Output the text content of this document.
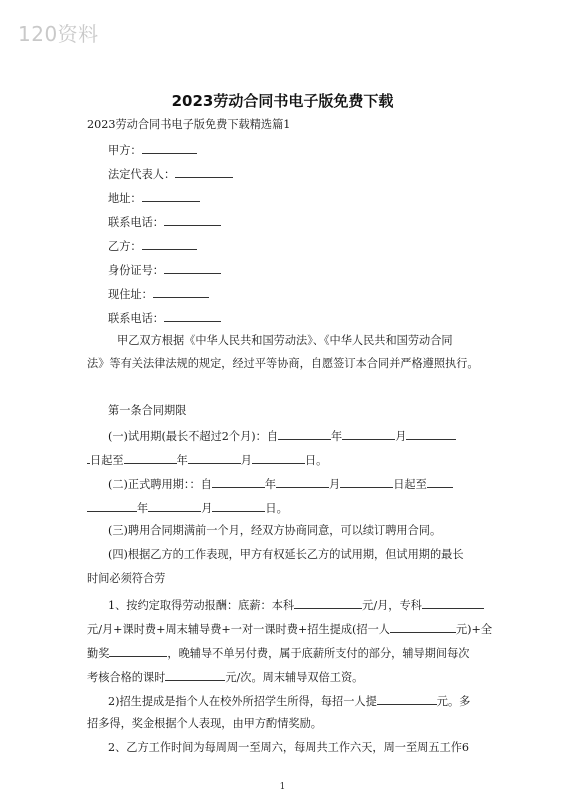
120资料
2023劳动合同书电子版免费下载
2023劳动合同书电子版免费下载精选篇1
甲方：
法定代表人：
地址：
联系电话：
乙方：
身份证号：
现住址：
联系电话：
甲乙双方根据《中华人民共和国劳动法》、《中华人民共和国劳动合同
法》等有关法律法规的规定，经过平等协商，自愿签订本合同并严格遵照执行。
第一条合同期限
(一)试用期(最长不超过2个月)：自	年	月
日起至	年	月	日。
(二)正式聘用期：：自	年	月	日起至
年	月	日。
(三)聘用合同期满前一个月，经双方协商同意，可以续订聘用合同。
(四)根据乙方的工作表现，甲方有权延长乙方的试用期，但试用期的最长
时间必须符合劳
1、按约定取得劳动报酬：底薪：本科	元/月，专科
元/月+课时费+周末辅导费+一对一课时费+招生提成(招一人	元)+全
勤奖	，晚辅导不单另付费，属于底薪所支付的部分，辅导期间每次
考核合格的课时	元/次。周末辅导双倍工资。
2)招生提成是指个人在校外所招学生所得，每招一人提	元。多
招多得，奖金根据个人表现，由甲方酌情奖励。
2、乙方工作时间为每周周一至周六，每周共工作六天，周一至周五工作6
1
